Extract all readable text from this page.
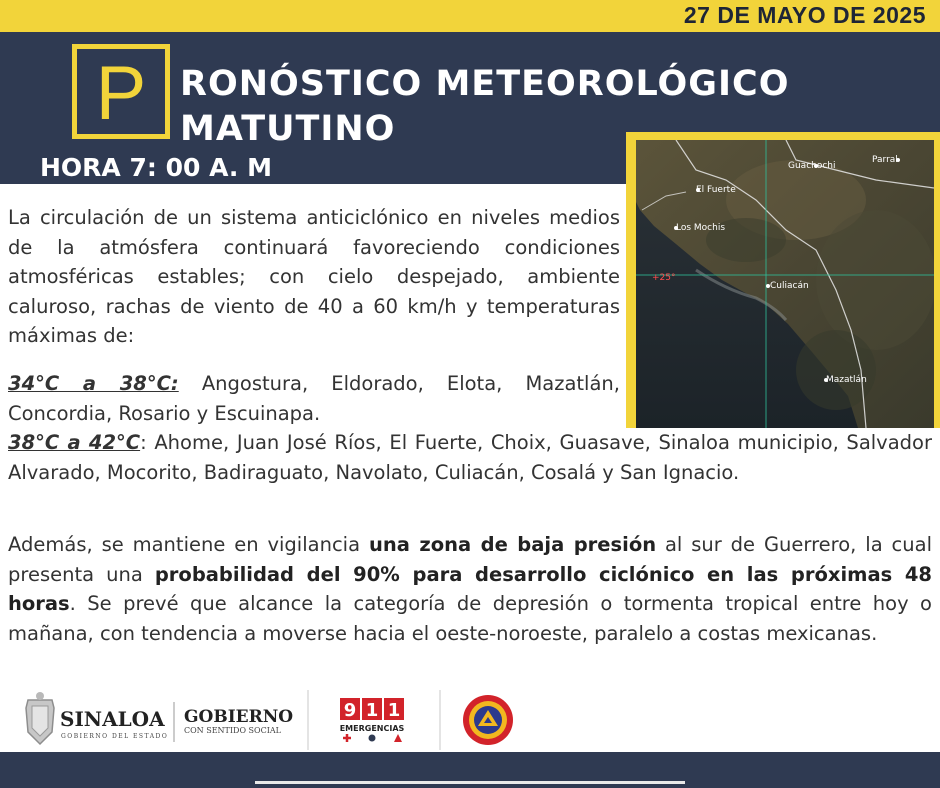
27 DE MAYO DE 2025
P RONÓSTICO METEOROLÓGICO
MATUTINO
HORA 7: 00 A. M	Guachochi
Parral
El Fuerte
Los Mochis
+25°
Culiacán
Mazatlán

La circulación de un sistema anticiclónico en niveles medios de la atmósfera continuará favoreciendo condiciones atmosféricas estables; con cielo despejado, ambiente caluroso, rachas de viento de 40 a 60 km/h y temperaturas máximas de:

34°C a 38°C: Angostura, Eldorado, Elota, Mazatlán, Concordia, Rosario y Escuinapa.

38°C a 42°C: Ahome, Juan José Ríos, El Fuerte, Choix, Guasave, Sinaloa municipio, Salvador Alvarado, Mocorito, Badiraguato, Navolato, Culiacán, Cosalá y San Ignacio.

Además, se mantiene en vigilancia una zona de baja presión al sur de Guerrero, la cual presenta una probabilidad del 90% para desarrollo ciclónico en las próximas 48 horas. Se prevé que alcance la categoría de depresión o tormenta tropical entre hoy o mañana, con tendencia a moverse hacia el oeste-noroeste, paralelo a costas mexicanas.

SINALOA
GOBIERNO DEL ESTADO
GOBIERNO
CON SENTIDO SOCIAL
9 1 1
EMERGENCIAS
